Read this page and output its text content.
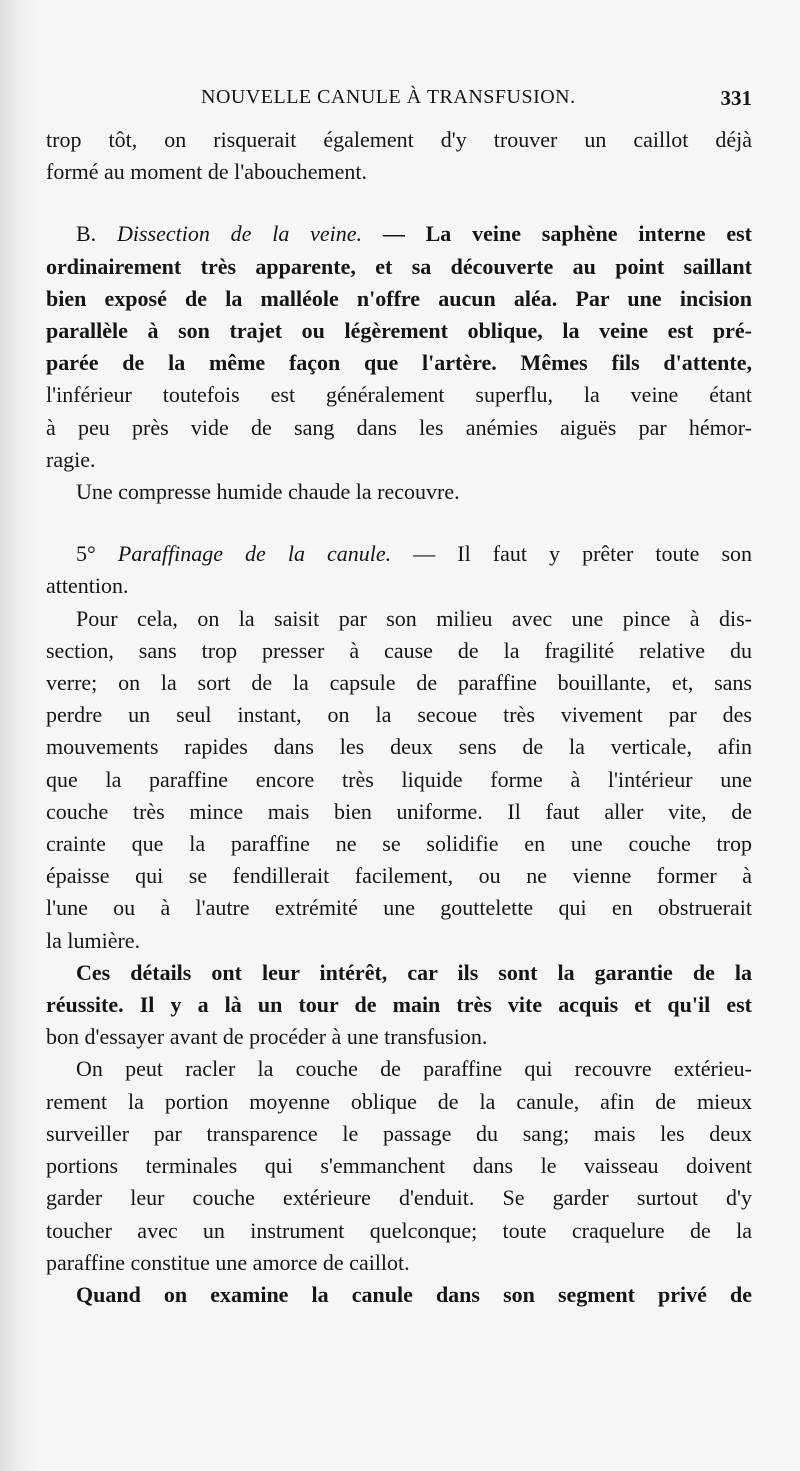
NOUVELLE CANULE À TRANSFUSION.	331

trop tôt, on risquerait également d'y trouver un caillot déjà
formé au moment de l'abouchement.

B. Dissection de la veine. — La veine saphène interne est
ordinairement très apparente, et sa découverte au point saillant
bien exposé de la malléole n'offre aucun aléa. Par une incision
parallèle à son trajet ou légèrement oblique, la veine est pré-
parée de la même façon que l'artère. Mêmes fils d'attente,
l'inférieur toutefois est généralement superflu, la veine étant
à peu près vide de sang dans les anémies aiguës par hémor-
ragie.

Une compresse humide chaude la recouvre.

5° Paraffinage de la canule. — Il faut y prêter toute son
attention.

Pour cela, on la saisit par son milieu avec une pince à dis-
section, sans trop presser à cause de la fragilité relative du
verre; on la sort de la capsule de paraffine bouillante, et, sans
perdre un seul instant, on la secoue très vivement par des
mouvements rapides dans les deux sens de la verticale, afin
que la paraffine encore très liquide forme à l'intérieur une
couche très mince mais bien uniforme. Il faut aller vite, de
crainte que la paraffine ne se solidifie en une couche trop
épaisse qui se fendillerait facilement, ou ne vienne former à
l'une ou à l'autre extrémité une gouttelette qui en obstruerait
la lumière.

Ces détails ont leur intérêt, car ils sont la garantie de la
réussite. Il y a là un tour de main très vite acquis et qu'il est
bon d'essayer avant de procéder à une transfusion.

On peut racler la couche de paraffine qui recouvre extérieu-
rement la portion moyenne oblique de la canule, afin de mieux
surveiller par transparence le passage du sang; mais les deux
portions terminales qui s'emmanchent dans le vaisseau doivent
garder leur couche extérieure d'enduit. Se garder surtout d'y
toucher avec un instrument quelconque; toute craquelure de la
paraffine constitue une amorce de caillot.

Quand on examine la canule dans son segment privé de
